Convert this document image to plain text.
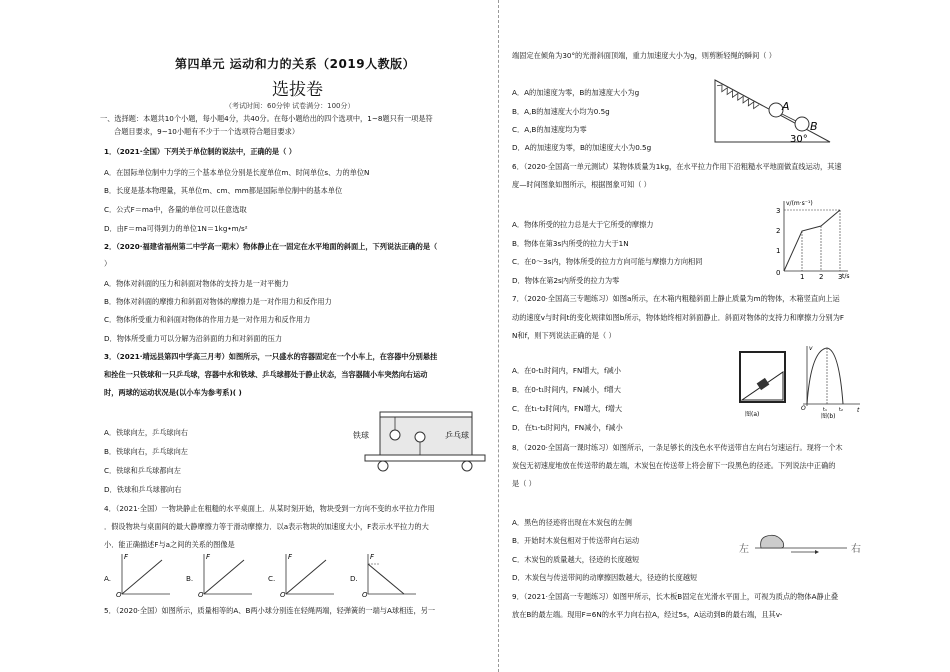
第四单元 运动和力的关系（2019人教版）
选拔卷
（考试时间：60分钟 试卷满分：100分）
一、选择题：本题共10个小题，每小题4分，共40分。在每小题给出的四个选项中，1~8题只有一项是符
合题目要求，9~10小题有不少于一个选项符合题目要求）
1．（2021·全国）下列关于单位制的说法中，正确的是（ ）
A．在国际单位制中力学的三个基本单位分别是长度单位m、时间单位s、力的单位N
B．长度是基本物理量，其单位m、cm、mm都是国际单位制中的基本单位
C．公式F＝ma中，各量的单位可以任意选取
D．由F＝ma可得到力的单位1N＝1kg•m/s²
2．（2020·福建省福州第二中学高一期末）物体静止在一固定在水平地面的斜面上，下列说法正确的是（
）
A．物体对斜面的压力和斜面对物体的支持力是一对平衡力
B．物体对斜面的摩擦力和斜面对物体的摩擦力是一对作用力和反作用力
C．物体所受重力和斜面对物体的作用力是一对作用力和反作用力
D．物体所受重力可以分解为沿斜面的力和对斜面的压力
3．（2021·靖远县第四中学高三月考）如图所示，一只盛水的容器固定在一个小车上，在容器中分别悬挂
和拴住一只铁球和一只乒乓球，容器中水和铁球、乒乓球都处于静止状态，当容器随小车突然向右运动
时，两球的运动状况是(以小车为参考系)( )
A．铁球向左，乒乓球向右
B．铁球向右，乒乓球向左
C．铁球和乒乓球都向左
D．铁球和乒乓球都向右
铁球	乒乓球
4．（2021·全国）一物块静止在粗糙的水平桌面上．从某时刻开始，物块受到一方向不变的水平拉力作用
．假设物块与桌面间的最大静摩擦力等于滑动摩擦力．以a表示物块的加速度大小，F表示水平拉力的大
小．能正确描述F与a之间的关系的图像是
A.
F
O
B.
F
O
C.
F
O
D.
F
O
5．（2020·全国）如图所示，质量相等的A、B两小球分别连在轻绳两端，轻弹簧的一端与A球相连，另一
端固定在倾角为30°的光滑斜面顶端，重力加速度大小为g，则剪断轻绳的瞬间（ ）
A
B
30°
A．A的加速度为零，B的加速度大小为g
B．A,B的加速度大小均为0.5g
C．A,B的加速度均为零
D．A的加速度为零，B的加速度大小为0.5g
6．（2020·全国高一单元测试）某物体质量为1kg，在水平拉力作用下沿粗糙水平地面做直线运动，其速
度—时间图象如图所示，根据图象可知（ ）
v/(m·s⁻¹)
t/s
1
2
3
1 2 3
0
A．物体所受的拉力总是大于它所受的摩擦力
B．物体在第3s内所受的拉力大于1N
C．在0～3s内，物体所受的拉力方向可能与摩擦力方向相同
D．物体在第2s内所受的拉力为零
7．（2020·全国高三专题练习）如图a所示，在木箱内粗糙斜面上静止质量为m的物体，木箱竖直向上运
动的速度v与时间t的变化规律如图b所示，物体始终相对斜面静止．斜面对物体的支持力和摩擦力分别为F
N和f，则下列说法正确的是（ ）
图(a)
v
t
O	t₁ t₂
图(b)
A．在0-t₁时间内，FN增大，f减小
B．在0-t₁时间内，FN减小，f增大
C．在t₁-t₂时间内，FN增大，f增大
D．在t₁-t₂时间内，FN减小，f减小
8．（2020·全国高一课时练习）如图所示，一条足够长的浅色水平传送带自左向右匀速运行。现将一个木
炭包无初速度地放在传送带的最左端，木炭包在传送带上将会留下一段黑色的径迹。下列说法中正确的
是（ ）
左	右
A．黑色的径迹将出现在木炭包的左侧
B．开始时木炭包相对于传送带向右运动
C．木炭包的质量越大，径迹的长度越短
D．木炭包与传送带间的动摩擦因数越大，径迹的长度越短
9．（2021·全国高一专题练习）如图甲所示，长木板B固定在光滑水平面上，可视为质点的物体A静止叠
放在B的最左端。现用F=6N的水平力向右拉A，经过5s，A运动到B的最右端，且其v-
